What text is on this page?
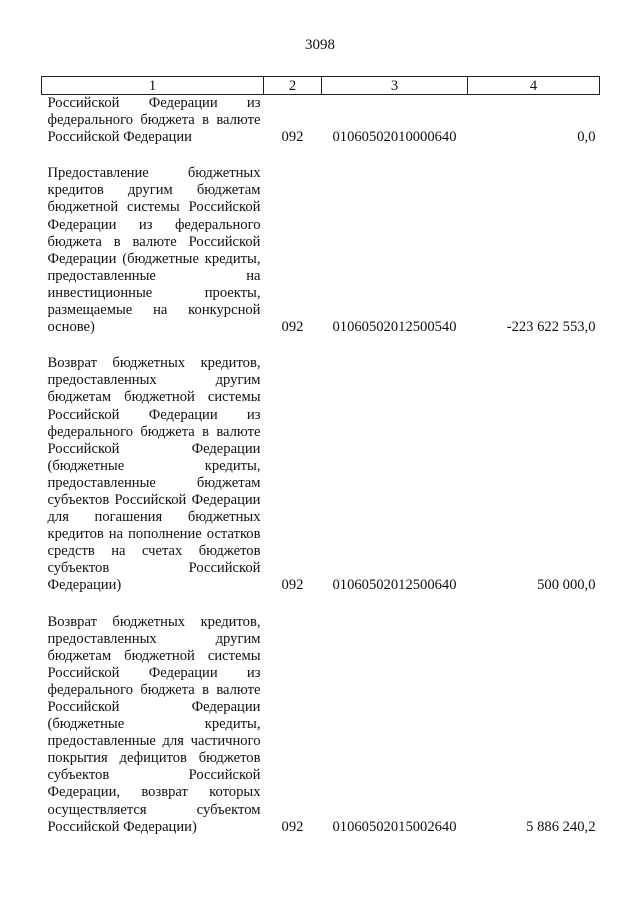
3098
1	2	3	4
Российской Федерации из федерального бюджета в валюте Российской Федерации	092	01060502010000640	0,0

Предоставление бюджетных кредитов другим бюджетам бюджетной системы Российской Федерации из федерального бюджета в валюте Российской Федерации (бюджетные кредиты, предоставленные на инвестиционные проекты, размещаемые на конкурсной основе)	092	01060502012500540	-223 622 553,0

Возврат бюджетных кредитов, предоставленных другим бюджетам бюджетной системы Российской Федерации из федерального бюджета в валюте Российской Федерации (бюджетные кредиты, предоставленные бюджетам субъектов Российской Федерации для погашения бюджетных кредитов на пополнение остатков средств на счетах бюджетов субъектов Российской Федерации)	092	01060502012500640	500 000,0

Возврат бюджетных кредитов, предоставленных другим бюджетам бюджетной системы Российской Федерации из федерального бюджета в валюте Российской Федерации (бюджетные кредиты, предоставленные для частичного покрытия дефицитов бюджетов субъектов Российской Федерации, возврат которых осуществляется субъектом Российской Федерации)	092	01060502015002640	5 886 240,2
